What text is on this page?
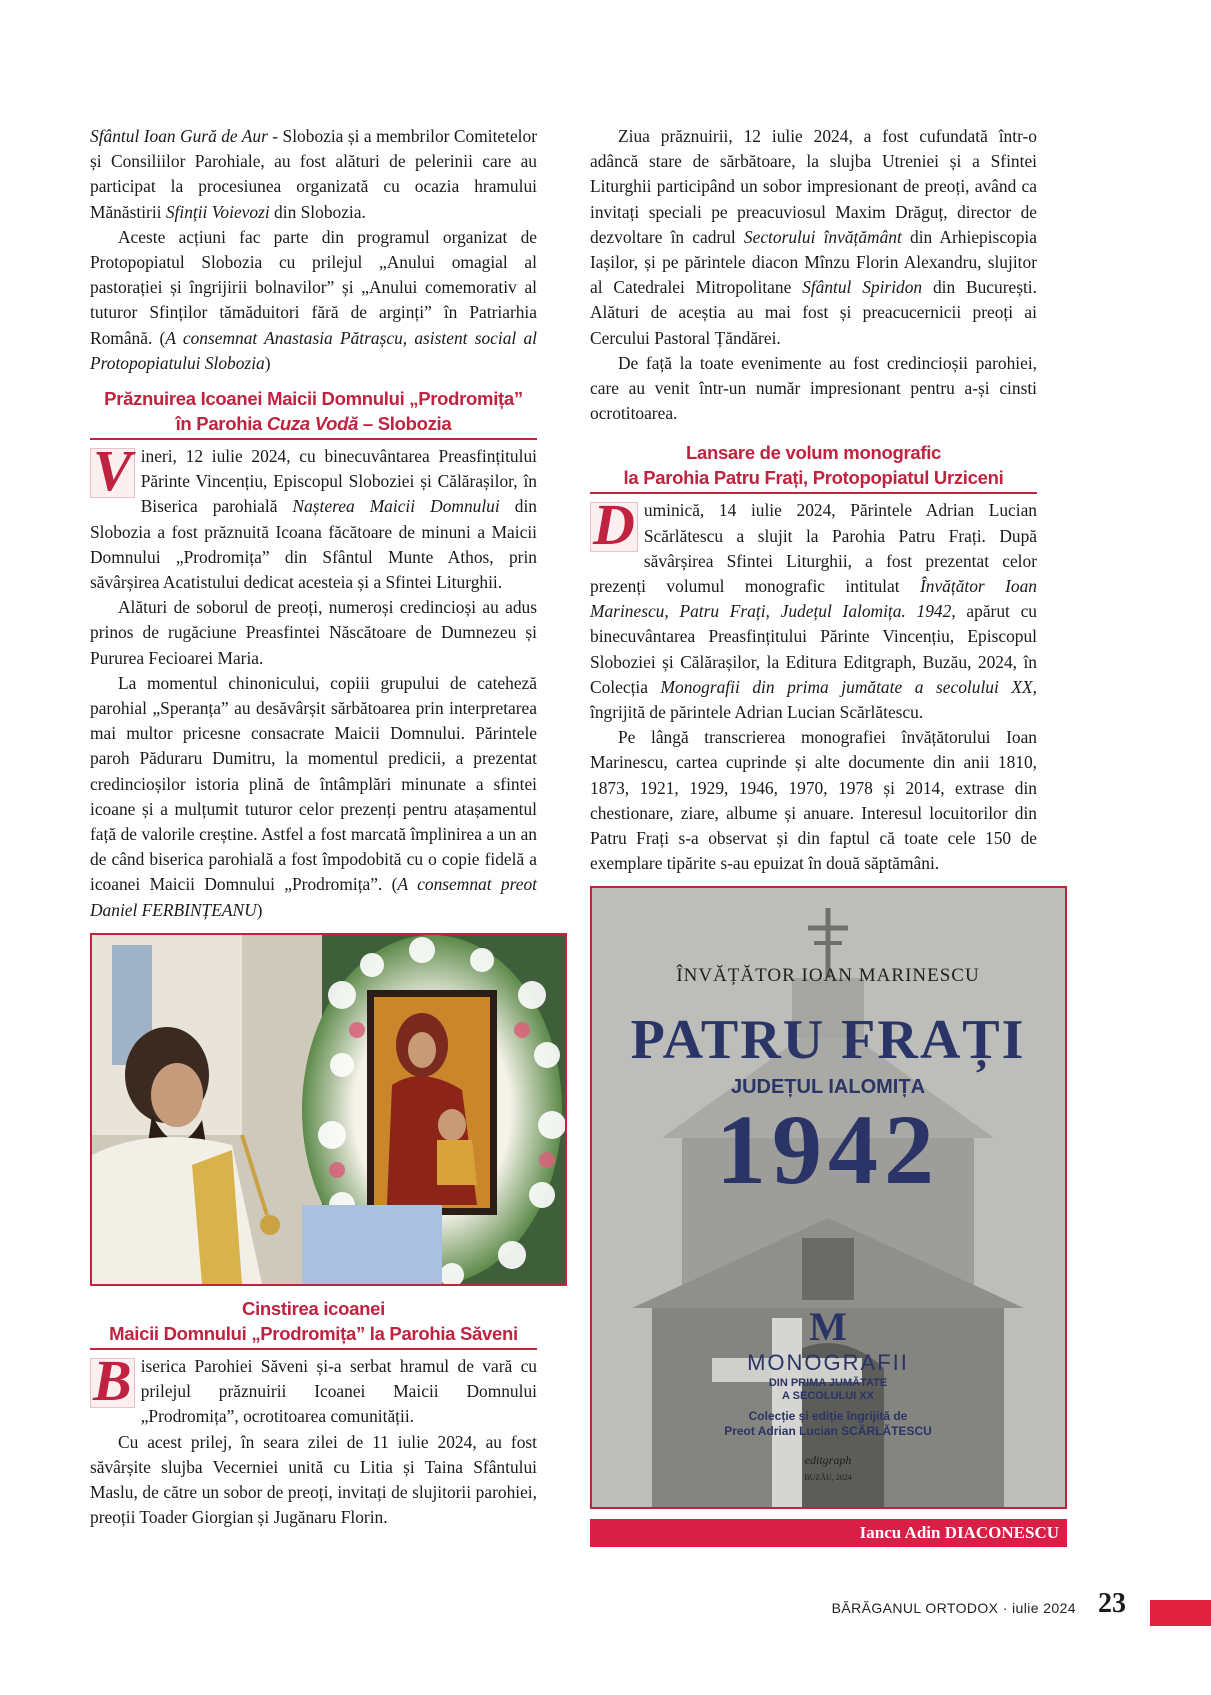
Sfântul Ioan Gură de Aur - Slobozia și a membrilor Comitetelor și Consiliilor Parohiale, au fost alături de pelerinii care au participat la procesiunea organizată cu ocazia hramului Mănăstirii Sfinții Voievozi din Slobozia.

Aceste acțiuni fac parte din programul organizat de Protopopiatul Slobozia cu prilejul „Anului omagial al pastorației și îngrijirii bolnavilor” și „Anului comemorativ al tuturor Sfinților tămăduitori fără de arginți” în Patriarhia Română. (A consemnat Anastasia Pătrașcu, asistent social al Protopopiatului Slobozia)

Prăznuirea Icoanei Maicii Domnului „Prodromița”
în Parohia Cuza Vodă – Slobozia

V ineri, 12 iulie 2024, cu binecuvântarea Preasfințitului Părinte Vincențiu, Episcopul Sloboziei și Călărașilor, în Biserica parohială Nașterea Maicii Domnului din Slobozia a fost prăznuită Icoana făcătoare de minuni a Maicii Domnului „Prodromița” din Sfântul Munte Athos, prin săvârșirea Acatistului dedicat acesteia și a Sfintei Liturghii.

Alături de soborul de preoți, numeroși credincioși au adus prinos de rugăciune Preasfintei Născătoare de Dumnezeu și Pururea Fecioarei Maria.

La momentul chinonicului, copiii grupului de cateheză parohial „Speranța” au desăvârșit sărbătoarea prin interpretarea mai multor pricesne consacrate Maicii Domnului. Părintele paroh Păduraru Dumitru, la momentul predicii, a prezentat credincioșilor istoria plină de întâmplări minunate a sfintei icoane și a mulțumit tuturor celor prezenți pentru atașamentul față de valorile creștine. Astfel a fost marcată împlinirea a un an de când biserica parohială a fost împodobită cu o copie fidelă a icoanei Maicii Domnului „Prodromița”. (A consemnat preot Daniel FERBINȚEANU)

Cinstirea icoanei
Maicii Domnului „Prodromița” la Parohia Săveni

B iserica Parohiei Săveni și-a serbat hramul de vară cu prilejul prăznuirii Icoanei Maicii Domnului „Prodromița”, ocrotitoarea comunității.

Cu acest prilej, în seara zilei de 11 iulie 2024, au fost săvârșite slujba Vecerniei unită cu Litia și Taina Sfântului Maslu, de către un sobor de preoți, invitați de slujitorii parohiei, preoții Toader Giorgian și Jugănaru Florin.

Ziua prăznuirii, 12 iulie 2024, a fost cufundată într-o adâncă stare de sărbătoare, la slujba Utreniei și a Sfintei Liturghii participând un sobor impresionant de preoți, având ca invitați speciali pe preacuviosul Maxim Drăguț, director de dezvoltare în cadrul Sectorului învățământ din Arhiepiscopia Iașilor, și pe părintele diacon Mînzu Florin Alexandru, slujitor al Catedralei Mitropolitane Sfântul Spiridon din București. Alături de aceștia au mai fost și preacucernicii preoți ai Cercului Pastoral Țăndărei.

De față la toate evenimente au fost credincioșii parohiei, care au venit într-un număr impresionant pentru a-și cinsti ocrotitoarea.

Lansare de volum monografic
la Parohia Patru Frați, Protopopiatul Urziceni

D uminică, 14 iulie 2024, Părintele Adrian Lucian Scărlătescu a slujit la Parohia Patru Frați. După săvârșirea Sfintei Liturghii, a fost prezentat celor prezenți volumul monografic intitulat Învățător Ioan Marinescu, Patru Frați, Județul Ialomița. 1942, apărut cu binecuvântarea Preasfințitului Părinte Vincențiu, Episcopul Sloboziei și Călărașilor, la Editura Editgraph, Buzău, 2024, în Colecția Monografii din prima jumătate a secolului XX, îngrijită de părintele Adrian Lucian Scărlătescu.

Pe lângă transcrierea monografiei învățătorului Ioan Marinescu, cartea cuprinde și alte documente din anii 1810, 1873, 1921, 1929, 1946, 1970, 1978 și 2014, extrase din chestionare, ziare, albume și anuare. Interesul locuitorilor din Patru Frați s-a observat și din faptul că toate cele 150 de exemplare tipărite s-au epuizat în două săptămâni.

ÎNVĂȚĂTOR IOAN MARINESCU
PATRU FRAȚI
JUDEȚUL IALOMIȚA
1942
M
MONOGRAFII
DIN PRIMA JUMĂTATE
A SECOLULUI XX
Colecție și ediție îngrijită de
Preot Adrian Lucian SCĂRLĂTESCU
editgraph
BUZĂU, 2024
Iancu Adin DIACONESCU
BĂRĂGANUL ORTODOX · iulie 2024 23
